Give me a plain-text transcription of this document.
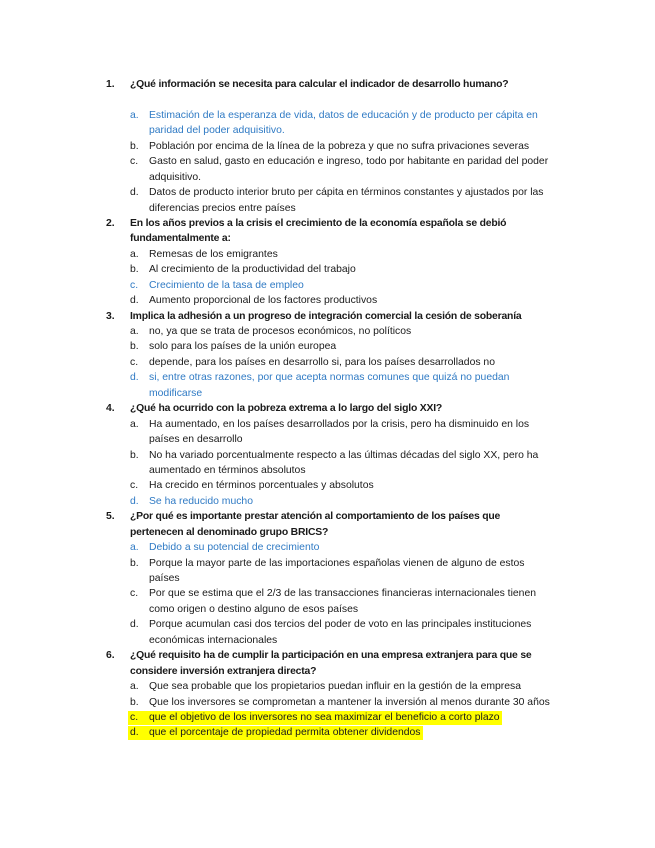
1. ¿Qué información se necesita para calcular el indicador de desarrollo humano?
a. Estimación de la esperanza de vida, datos de educación y de producto per cápita en
paridad del poder adquisitivo.
b. Población por encima de la línea de la pobreza y que no sufra privaciones severas
c. Gasto en salud, gasto en educación e ingreso, todo por habitante en paridad del poder
adquisitivo.
d. Datos de producto interior bruto per cápita en términos constantes y ajustados por las
diferencias precios entre países
2. En los años previos a la crisis el crecimiento de la economía española se debió
fundamentalmente a:
a. Remesas de los emigrantes
b. Al crecimiento de la productividad del trabajo
c. Crecimiento de la tasa de empleo
d. Aumento proporcional de los factores productivos
3. Implica la adhesión a un progreso de integración comercial la cesión de soberanía
a. no, ya que se trata de procesos económicos, no políticos
b. solo para los países de la unión europea
c. depende, para los países en desarrollo si, para los países desarrollados no
d. si, entre otras razones, por que acepta normas comunes que quizá no puedan
modificarse
4. ¿Qué ha ocurrido con la pobreza extrema a lo largo del siglo XXI?
a. Ha aumentado, en los países desarrollados por la crisis, pero ha disminuido en los
países en desarrollo
b. No ha variado porcentualmente respecto a las últimas décadas del siglo XX, pero ha
aumentado en términos absolutos
c. Ha crecido en términos porcentuales y absolutos
d. Se ha reducido mucho
5. ¿Por qué es importante prestar atención al comportamiento de los países que
pertenecen al denominado grupo BRICS?
a. Debido a su potencial de crecimiento
b. Porque la mayor parte de las importaciones españolas vienen de alguno de estos
países
c. Por que se estima que el 2/3 de las transacciones financieras internacionales tienen
como origen o destino alguno de esos países
d. Porque acumulan casi dos tercios del poder de voto en las principales instituciones
económicas internacionales
6. ¿Qué requisito ha de cumplir la participación en una empresa extranjera para que se
considere inversión extranjera directa?
a. Que sea probable que los propietarios puedan influir en la gestión de la empresa
b. Que los inversores se comprometan a mantener la inversión al menos durante 30 años
c. que el objetivo de los inversores no sea maximizar el beneficio a corto plazo
d. que el porcentaje de propiedad permita obtener dividendos
